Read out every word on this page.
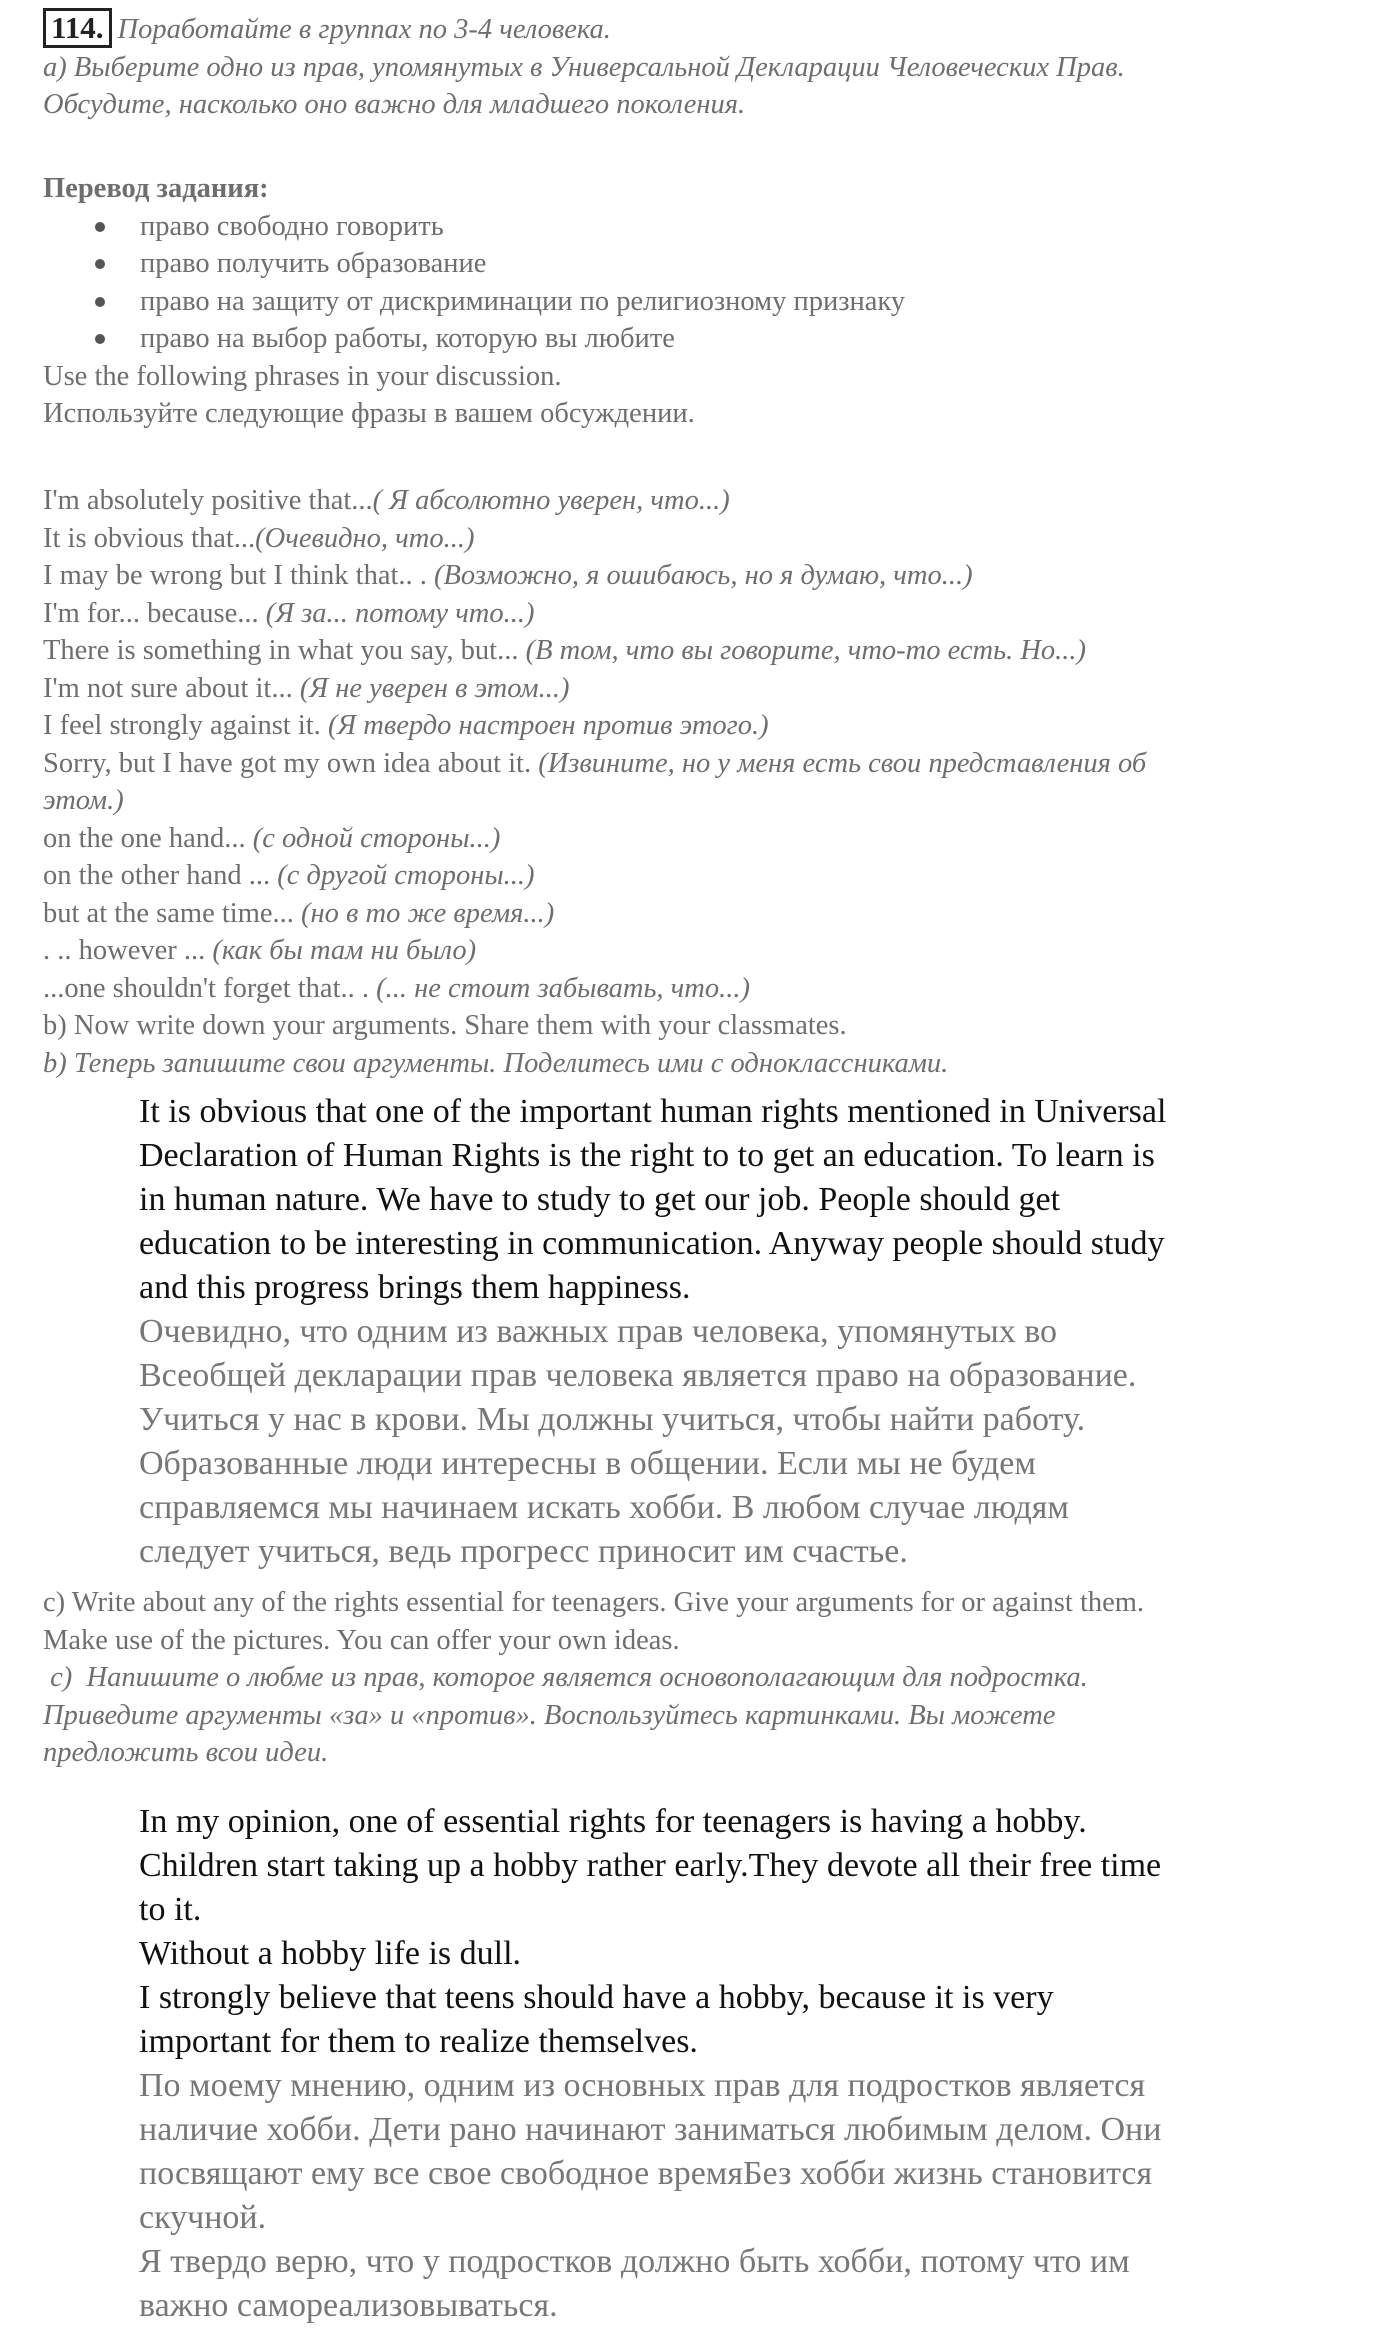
114. Поработайте в группах по 3-4 человека.
a) Выберите одно из прав, упомянутых в Универсальной Декларации Человеческих Прав.
Обсудите, насколько оно важно для младшего поколения.
Перевод задания:
право свободно говорить
право получить образование
право на защиту от дискриминации по религиозному признаку
право на выбор работы, которую вы любите
Use the following phrases in your discussion.
Используйте следующие фразы в вашем обсуждении.
I'm absolutely positive that...( Я абсолютно уверен, что...)
It is obvious that...(Очевидно, что...)
I may be wrong but I think that.. . (Возможно, я ошибаюсь, но я думаю, что...)
I'm for... because... (Я за... потому что...)
There is something in what you say, but... (В том, что вы говорите, что-то есть. Но...)
I'm not sure about it... (Я не уверен в этом...)
I feel strongly against it. (Я твердо настроен против этого.)
Sorry, but I have got my own idea about it. (Извините, но у меня есть свои представления об
этом.)
on the one hand... (с одной стороны...)
on the other hand ... (с другой стороны...)
but at the same time... (но в то же время...)
. .. however ... (как бы там ни было)
...one shouldn't forget that.. . (... не стоит забывать, что...)
b) Now write down your arguments. Share them with your classmates.
b) Теперь запишите свои аргументы. Поделитесь ими с одноклассниками.
It is obvious that one of the important human rights mentioned in Universal
Declaration of Human Rights is the right to to get an education. To learn is
in human nature. We have to study to get our job. People should get
education to be interesting in communication. Anyway people should study
and this progress brings them happiness.
Очевидно, что одним из важных прав человека, упомянутых во
Всеобщей декларации прав человека является право на образование.
Учиться у нас в крови. Мы должны учиться, чтобы найти работу.
Образованные люди интересны в общении. Если мы не будем
справляемся мы начинаем искать хобби. В любом случае людям
следует учиться, ведь прогресс приносит им счастье.
c) Write about any of the rights essential for teenagers. Give your arguments for or against them.
Make use of the pictures. You can offer your own ideas.
c)  Напишите о любме из прав, которое является основополагающим для подростка.
Приведите аргументы «за» и «против». Воспользуйтесь картинками. Вы можете
предложить всои идеи.
In my opinion, one of essential rights for teenagers is having a hobby.
Children start taking up a hobby rather early.They devote all their free time
to it.
Without a hobby life is dull.
I strongly believe that teens should have a hobby, because it is very
important for them to realize themselves.
По моему мнению, одним из основных прав для подростков является
наличие хобби. Дети рано начинают заниматься любимым делом. Они
посвящают ему все свое свободное времяБез хобби жизнь становится
скучной.
Я твердо верю, что у подростков должно быть хобби, потому что им
важно самореализовываться.
